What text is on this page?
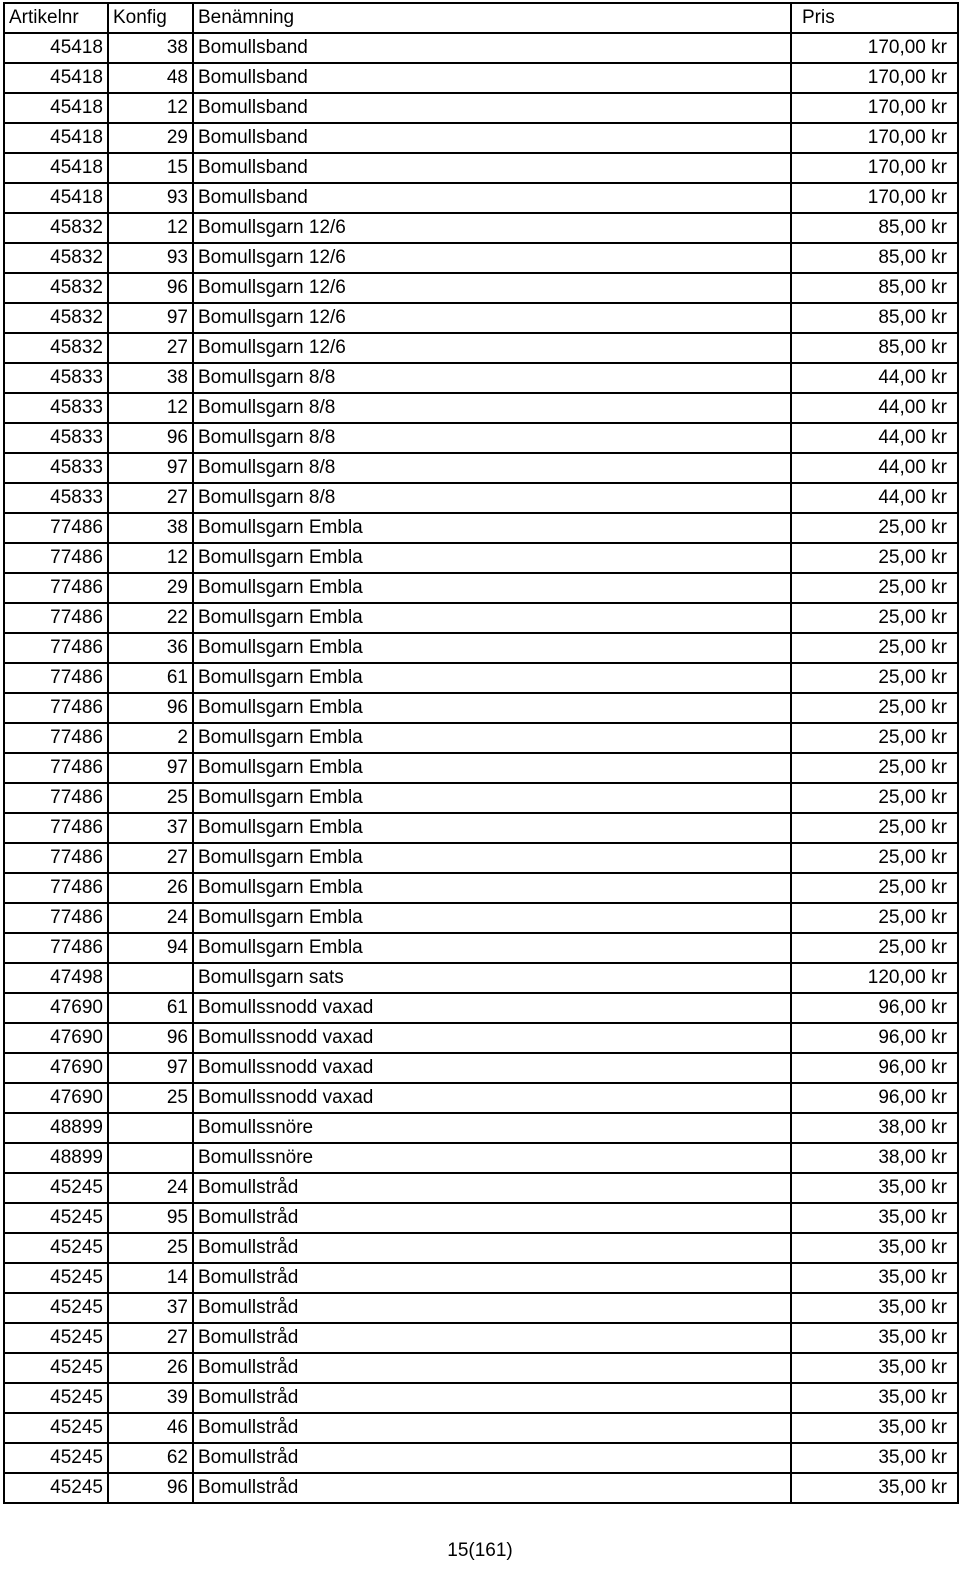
Artikelnr	Konfig	Benämning	Pris
45418	38	Bomullsband	170,00 kr
45418	48	Bomullsband	170,00 kr
45418	12	Bomullsband	170,00 kr
45418	29	Bomullsband	170,00 kr
45418	15	Bomullsband	170,00 kr
45418	93	Bomullsband	170,00 kr
45832	12	Bomullsgarn 12/6	85,00 kr
45832	93	Bomullsgarn 12/6	85,00 kr
45832	96	Bomullsgarn 12/6	85,00 kr
45832	97	Bomullsgarn 12/6	85,00 kr
45832	27	Bomullsgarn 12/6	85,00 kr
45833	38	Bomullsgarn 8/8	44,00 kr
45833	12	Bomullsgarn 8/8	44,00 kr
45833	96	Bomullsgarn 8/8	44,00 kr
45833	97	Bomullsgarn 8/8	44,00 kr
45833	27	Bomullsgarn 8/8	44,00 kr
77486	38	Bomullsgarn Embla	25,00 kr
77486	12	Bomullsgarn Embla	25,00 kr
77486	29	Bomullsgarn Embla	25,00 kr
77486	22	Bomullsgarn Embla	25,00 kr
77486	36	Bomullsgarn Embla	25,00 kr
77486	61	Bomullsgarn Embla	25,00 kr
77486	96	Bomullsgarn Embla	25,00 kr
77486	2	Bomullsgarn Embla	25,00 kr
77486	97	Bomullsgarn Embla	25,00 kr
77486	25	Bomullsgarn Embla	25,00 kr
77486	37	Bomullsgarn Embla	25,00 kr
77486	27	Bomullsgarn Embla	25,00 kr
77486	26	Bomullsgarn Embla	25,00 kr
77486	24	Bomullsgarn Embla	25,00 kr
77486	94	Bomullsgarn Embla	25,00 kr
47498		Bomullsgarn sats	120,00 kr
47690	61	Bomullssnodd vaxad	96,00 kr
47690	96	Bomullssnodd vaxad	96,00 kr
47690	97	Bomullssnodd vaxad	96,00 kr
47690	25	Bomullssnodd vaxad	96,00 kr
48899		Bomullssnöre	38,00 kr
48899		Bomullssnöre	38,00 kr
45245	24	Bomullstråd	35,00 kr
45245	95	Bomullstråd	35,00 kr
45245	25	Bomullstråd	35,00 kr
45245	14	Bomullstråd	35,00 kr
45245	37	Bomullstråd	35,00 kr
45245	27	Bomullstråd	35,00 kr
45245	26	Bomullstråd	35,00 kr
45245	39	Bomullstråd	35,00 kr
45245	46	Bomullstråd	35,00 kr
45245	62	Bomullstråd	35,00 kr
45245	96	Bomullstråd	35,00 kr
15(161)
